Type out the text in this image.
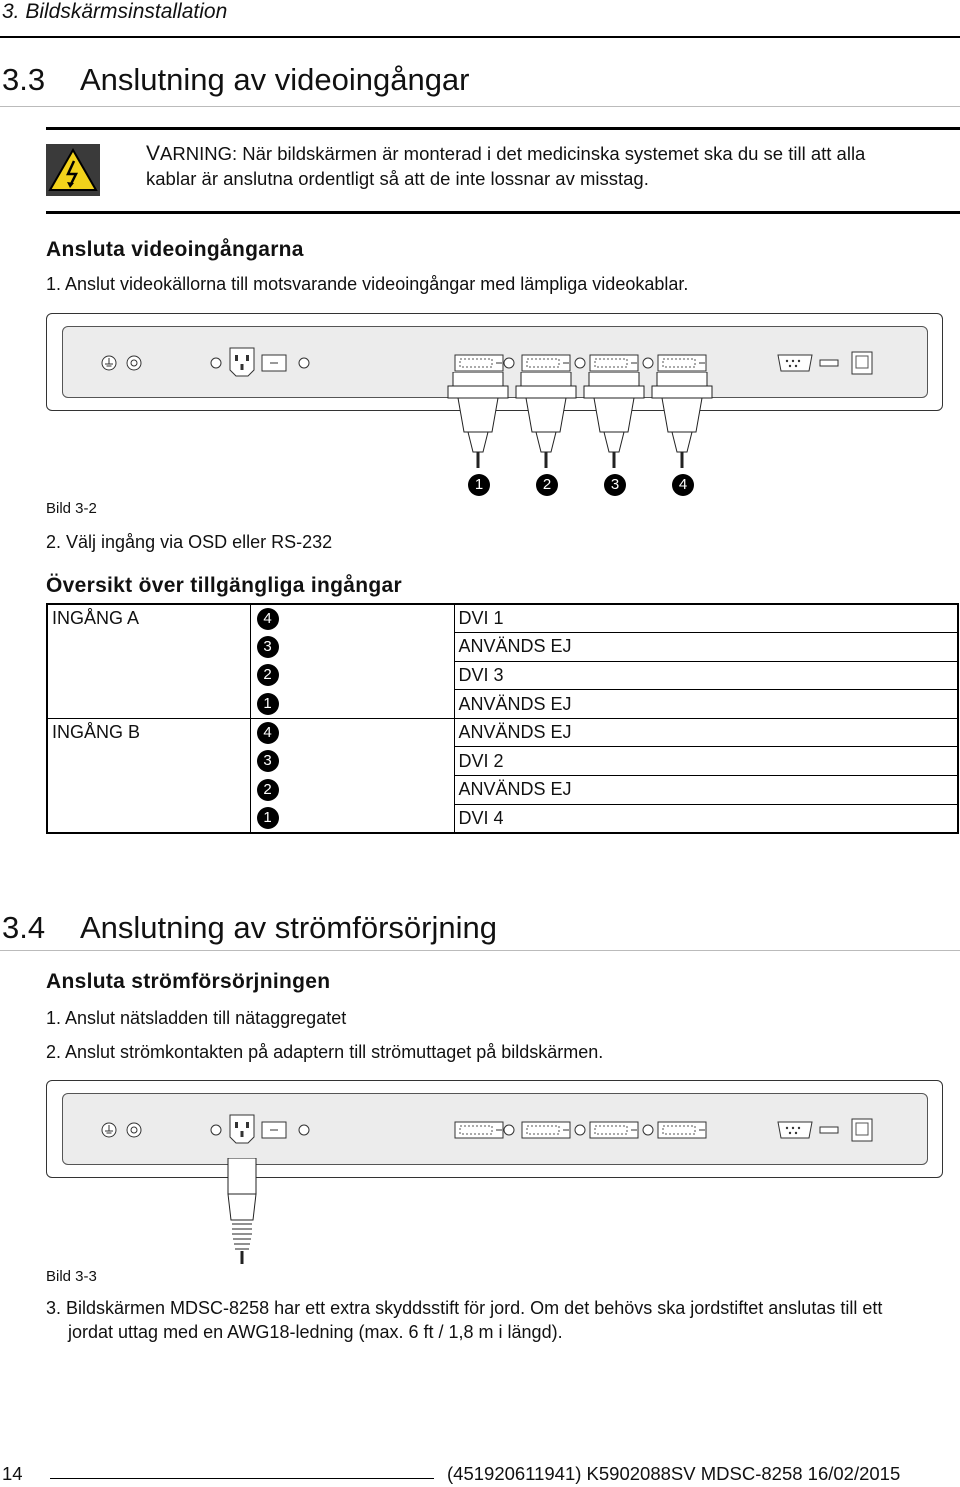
3. Bildskärmsinstallation
3.3 Anslutning av videoingångar
VARNING: När bildskärmen är monterad i det medicinska systemet ska du se till att alla
kablar är anslutna ordentligt så att de inte lossnar av misstag.
Ansluta videoingångarna
1. Anslut videokällorna till motsvarande videoingångar med lämpliga videokablar.
1	2	3	4
Bild 3-2
2. Välj ingång via OSD eller RS-232
Översikt över tillgängliga ingångar
INGÅNG A	4	DVI 1

	3	ANVÄNDS EJ

	2	DVI 3

	1	ANVÄNDS EJ
INGÅNG B	4	ANVÄNDS EJ

	3	DVI 2

	2	ANVÄNDS EJ

	1	DVI 4
3.4 Anslutning av strömförsörjning
Ansluta strömförsörjningen
1. Anslut nätsladden till nätaggregatet
2. Anslut strömkontakten på adaptern till strömuttaget på bildskärmen.
Bild 3-3
3. Bildskärmen MDSC-8258 har ett extra skyddsstift för jord. Om det behövs ska jordstiftet anslutas till ett
jordat uttag med en AWG18-ledning (max. 6 ft / 1,8 m i längd).
14	(451920611941) K5902088SV MDSC-8258 16/02/2015
